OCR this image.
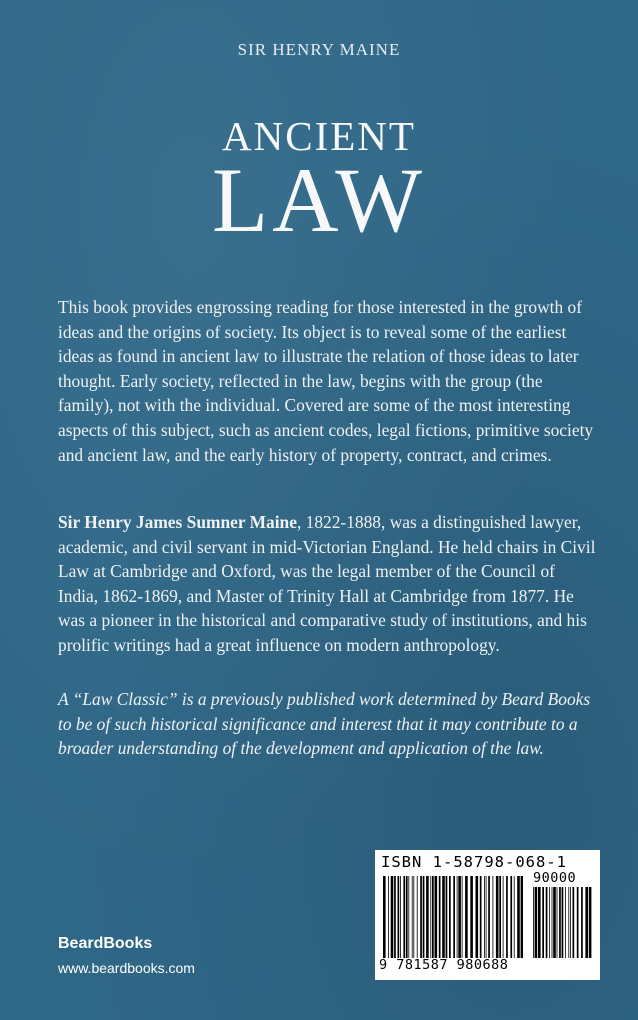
SIR HENRY MAINE
ANCIENT
LAW

This book provides engrossing reading for those interested in the growth of ideas and the origins of society. Its object is to reveal some of the earliest ideas as found in ancient law to illustrate the relation of those ideas to later thought. Early society, reflected in the law, begins with the group (the family), not with the individual. Covered are some of the most interesting aspects of this subject, such as ancient codes, legal fictions, primitive society and ancient law, and the early history of property, contract, and crimes.

Sir Henry James Sumner Maine, 1822-1888, was a distinguished lawyer, academic, and civil servant in mid-Victorian England. He held chairs in Civil Law at Cambridge and Oxford, was the legal member of the Council of India, 1862-1869, and Master of Trinity Hall at Cambridge from 1877. He was a pioneer in the historical and comparative study of institutions, and his prolific writings had a great influence on modern anthropology.

A “Law Classic” is a previously published work determined by Beard Books to be of such historical significance and interest that it may contribute to a broader understanding of the development and application of the law.

BeardBooks
www.beardbooks.com
ISBN 1-58798-068-1
90000
9 781587 980688
